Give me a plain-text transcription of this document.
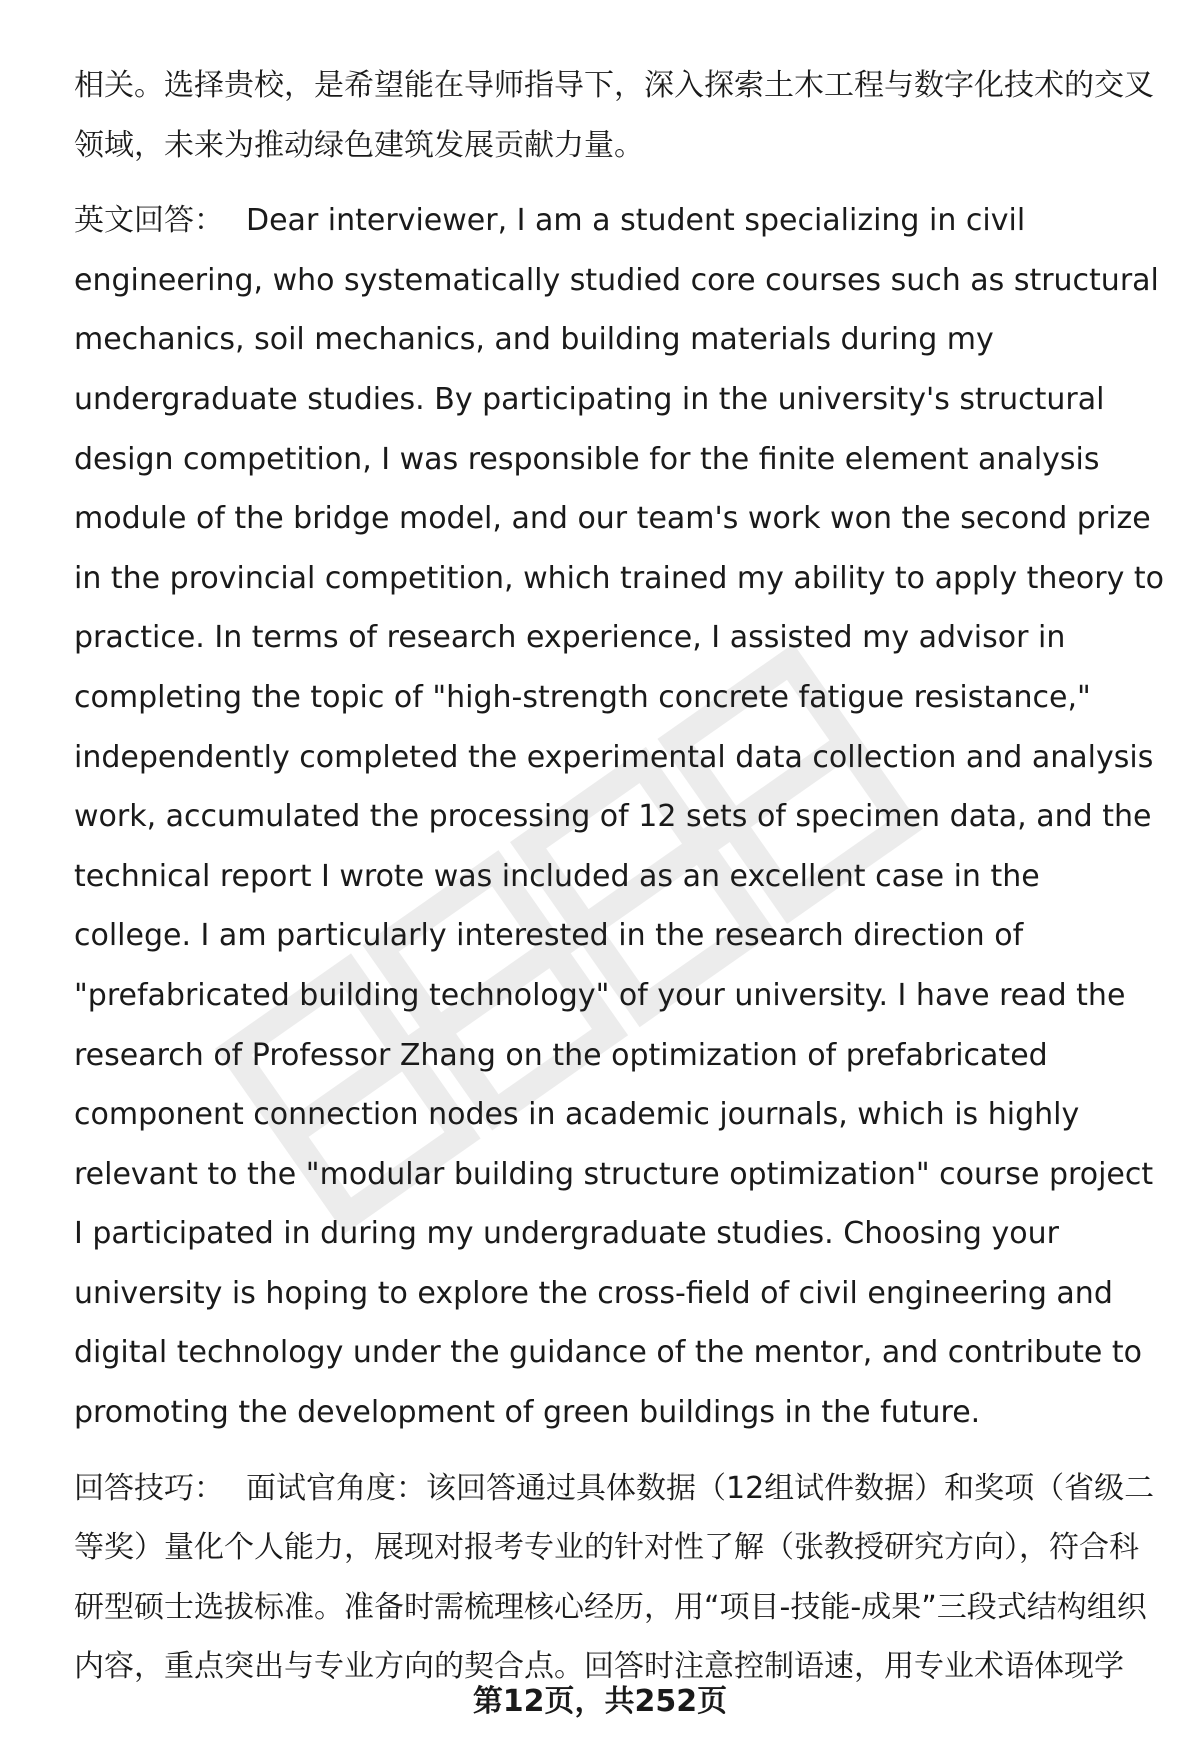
相关。选择贵校，是希望能在导师指导下，深入探索土木工程与数字化技术的交叉领域，未来为推动绿色建筑发展贡献力量。

英文回答： Dear interviewer, I am a student specializing in civil engineering, who systematically studied core courses such as structural mechanics, soil mechanics, and building materials during my undergraduate studies. By participating in the university's structural design competition, I was responsible for the finite element analysis module of the bridge model, and our team's work won the second prize in the provincial competition, which trained my ability to apply theory to practice. In terms of research experience, I assisted my advisor in completing the topic of "high-strength concrete fatigue resistance," independently completed the experimental data collection and analysis work, accumulated the processing of 12 sets of specimen data, and the technical report I wrote was included as an excellent case in the college. I am particularly interested in the research direction of "prefabricated building technology" of your university. I have read the research of Professor Zhang on the optimization of prefabricated component connection nodes in academic journals, which is highly relevant to the "modular building structure optimization" course project I participated in during my undergraduate studies. Choosing your university is hoping to explore the cross-field of civil engineering and digital technology under the guidance of the mentor, and contribute to promoting the development of green buildings in the future.

回答技巧： 面试官角度：该回答通过具体数据（12组试件数据）和奖项（省级二等奖）量化个人能力，展现对报考专业的针对性了解（张教授研究方向），符合科研型硕士选拔标准。准备时需梳理核心经历，用“项目-技能-成果”三段式结构组织内容，重点突出与专业方向的契合点。回答时注意控制语速，用专业术语体现学

第12页，共252页
